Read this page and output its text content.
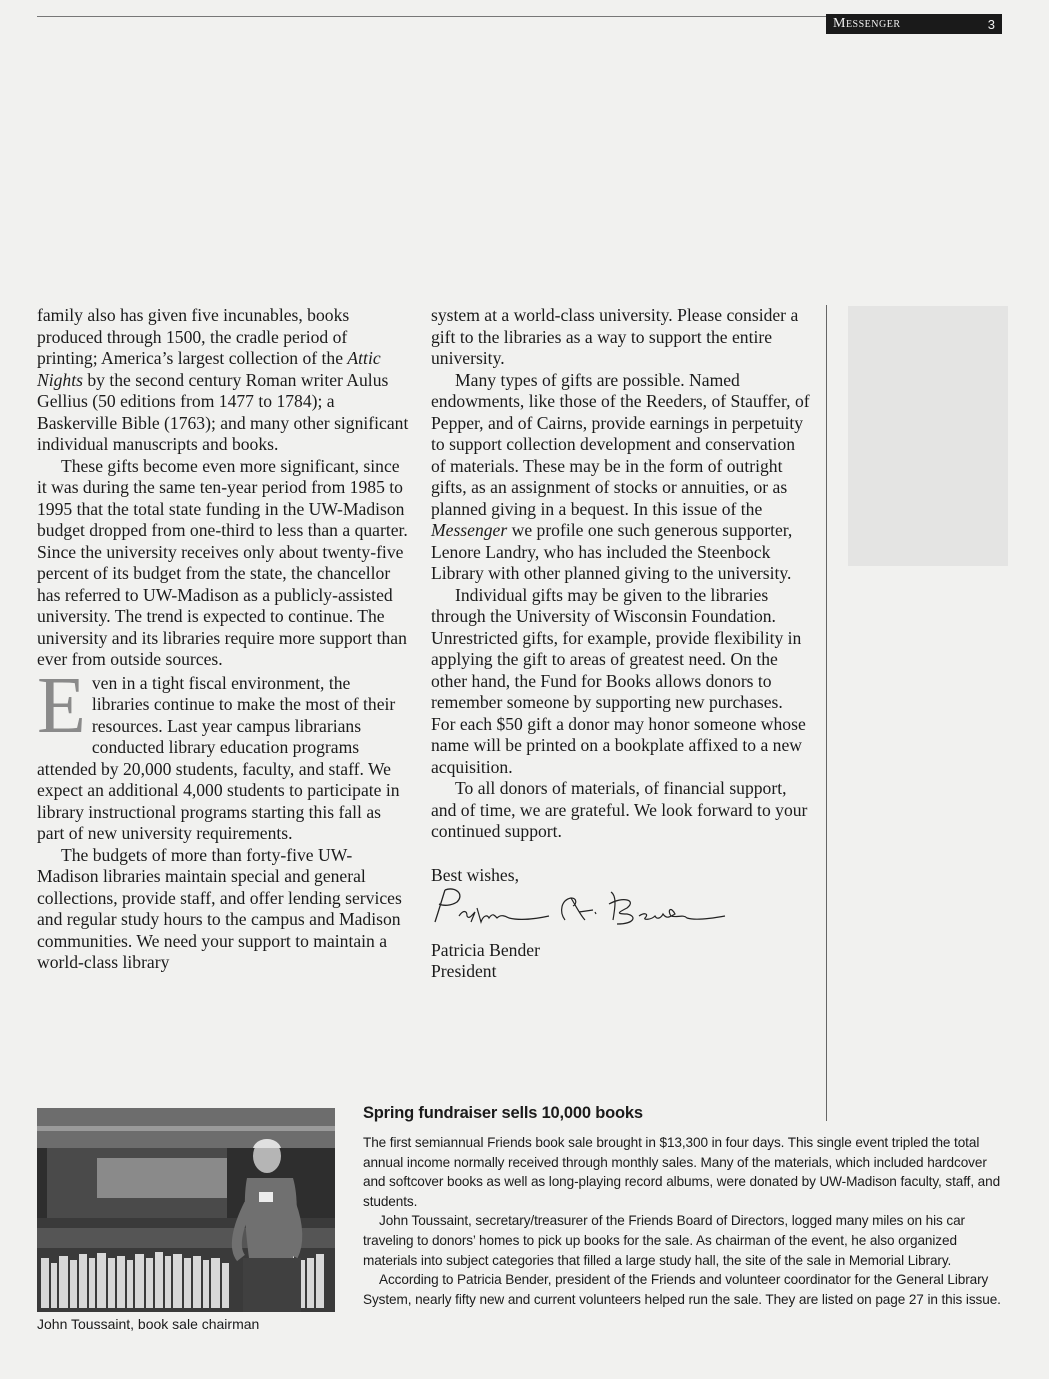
Messenger	3

family also has given five incunables, books produced through 1500, the cradle period of printing; America’s largest collection of the Attic Nights by the second century Roman writer Aulus Gellius (50 editions from 1477 to 1784); a Baskerville Bible (1763); and many other significant individual manuscripts and books.

These gifts become even more significant, since it was during the same ten-year period from 1985 to 1995 that the total state funding in the UW-Madison budget dropped from one-third to less than a quarter. Since the university receives only about twenty-five percent of its budget from the state, the chancellor has referred to UW-Madison as a publicly-assisted university. The trend is expected to continue. The university and its libraries require more support than ever from outside sources.

Even in a tight fiscal environment, the libraries continue to make the most of their resources. Last year campus librarians conducted library education programs attended by 20,000 students, faculty, and staff. We expect an additional 4,000 students to participate in library instructional programs starting this fall as part of new university requirements.

The budgets of more than forty-five UW-Madison libraries maintain special and general collections, provide staff, and offer lending services and regular study hours to the campus and Madison communities. We need your support to maintain a world-class library

system at a world-class university. Please consider a gift to the libraries as a way to support the entire university.

Many types of gifts are possible. Named endowments, like those of the Reeders, of Stauffer, of Pepper, and of Cairns, provide earnings in perpetuity to support collection development and conservation of materials. These may be in the form of outright gifts, as an assignment of stocks or annuities, or as planned giving in a bequest. In this issue of the Messenger we profile one such generous supporter, Lenore Landry, who has included the Steenbock Library with other planned giving to the university.

Individual gifts may be given to the libraries through the University of Wisconsin Foundation. Unrestricted gifts, for example, provide flexibility in applying the gift to areas of greatest need. On the other hand, the Fund for Books allows donors to remember someone by supporting new purchases. For each $50 gift a donor may honor someone whose name will be printed on a bookplate affixed to a new acquisition.

To all donors of materials, of financial support, and of time, we are grateful. We look forward to your continued support.

Best wishes,
Patricia Bender
President
John Toussaint, book sale chairman
Spring fundraiser sells 10,000 books

The first semiannual Friends book sale brought in $13,300 in four days. This single event tripled the total annual income normally received through monthly sales. Many of the materials, which included hardcover and softcover books as well as long-playing record albums, were donated by UW-Madison faculty, staff, and students.

John Toussaint, secretary/treasurer of the Friends Board of Directors, logged many miles on his car traveling to donors’ homes to pick up books for the sale. As chairman of the event, he also organized materials into subject categories that filled a large study hall, the site of the sale in Memorial Library.

According to Patricia Bender, president of the Friends and volunteer coordinator for the General Library System, nearly fifty new and current volunteers helped run the sale. They are listed on page 27 in this issue.
